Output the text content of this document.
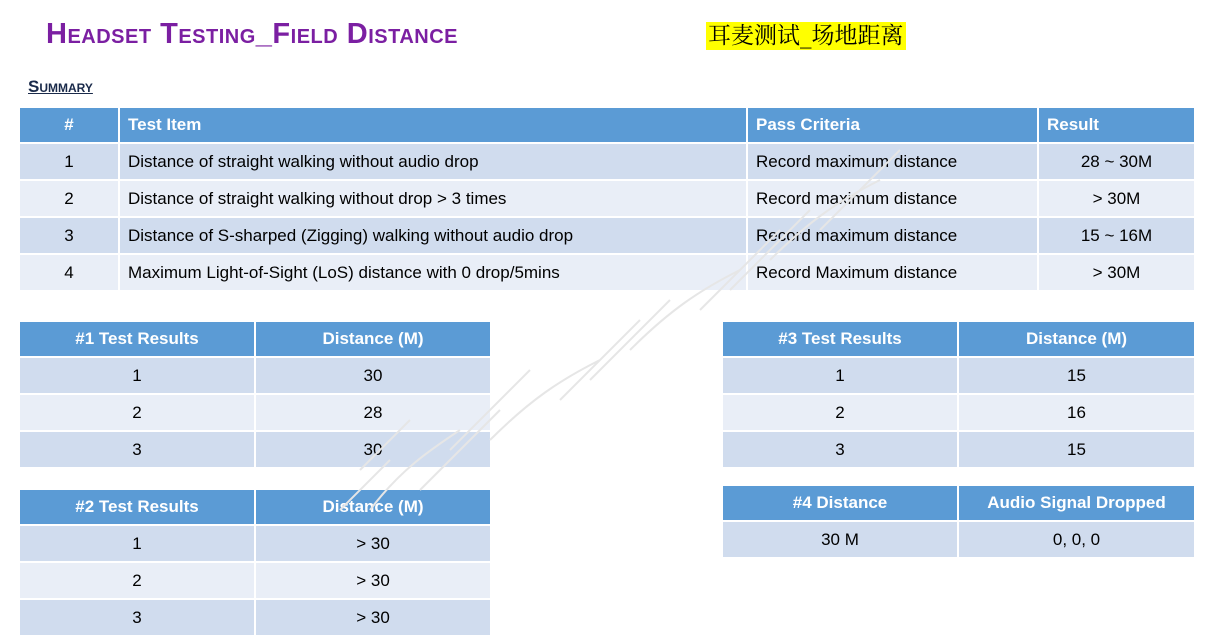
Headset Testing_Field Distance	耳麦测试_场地距离
Summary
#	Test Item	Pass Criteria	Result
1	Distance of straight walking without audio drop	Record maximum distance	28 ~ 30M
2	Distance of straight walking without drop > 3 times	Record maximum distance	> 30M
3	Distance of S-sharped (Zigging) walking without audio drop	Record maximum distance	15 ~ 16M
4	Maximum Light-of-Sight (LoS) distance with 0 drop/5mins	Record Maximum distance	> 30M
#1 Test Results	Distance (M)
1	30
2	28
3	30
#2 Test Results	Distance (M)
1	> 30
2	> 30
3	> 30
#3 Test Results	Distance (M)
1	15
2	16
3	15
#4 Distance	Audio Signal Dropped
30 M	0, 0, 0
